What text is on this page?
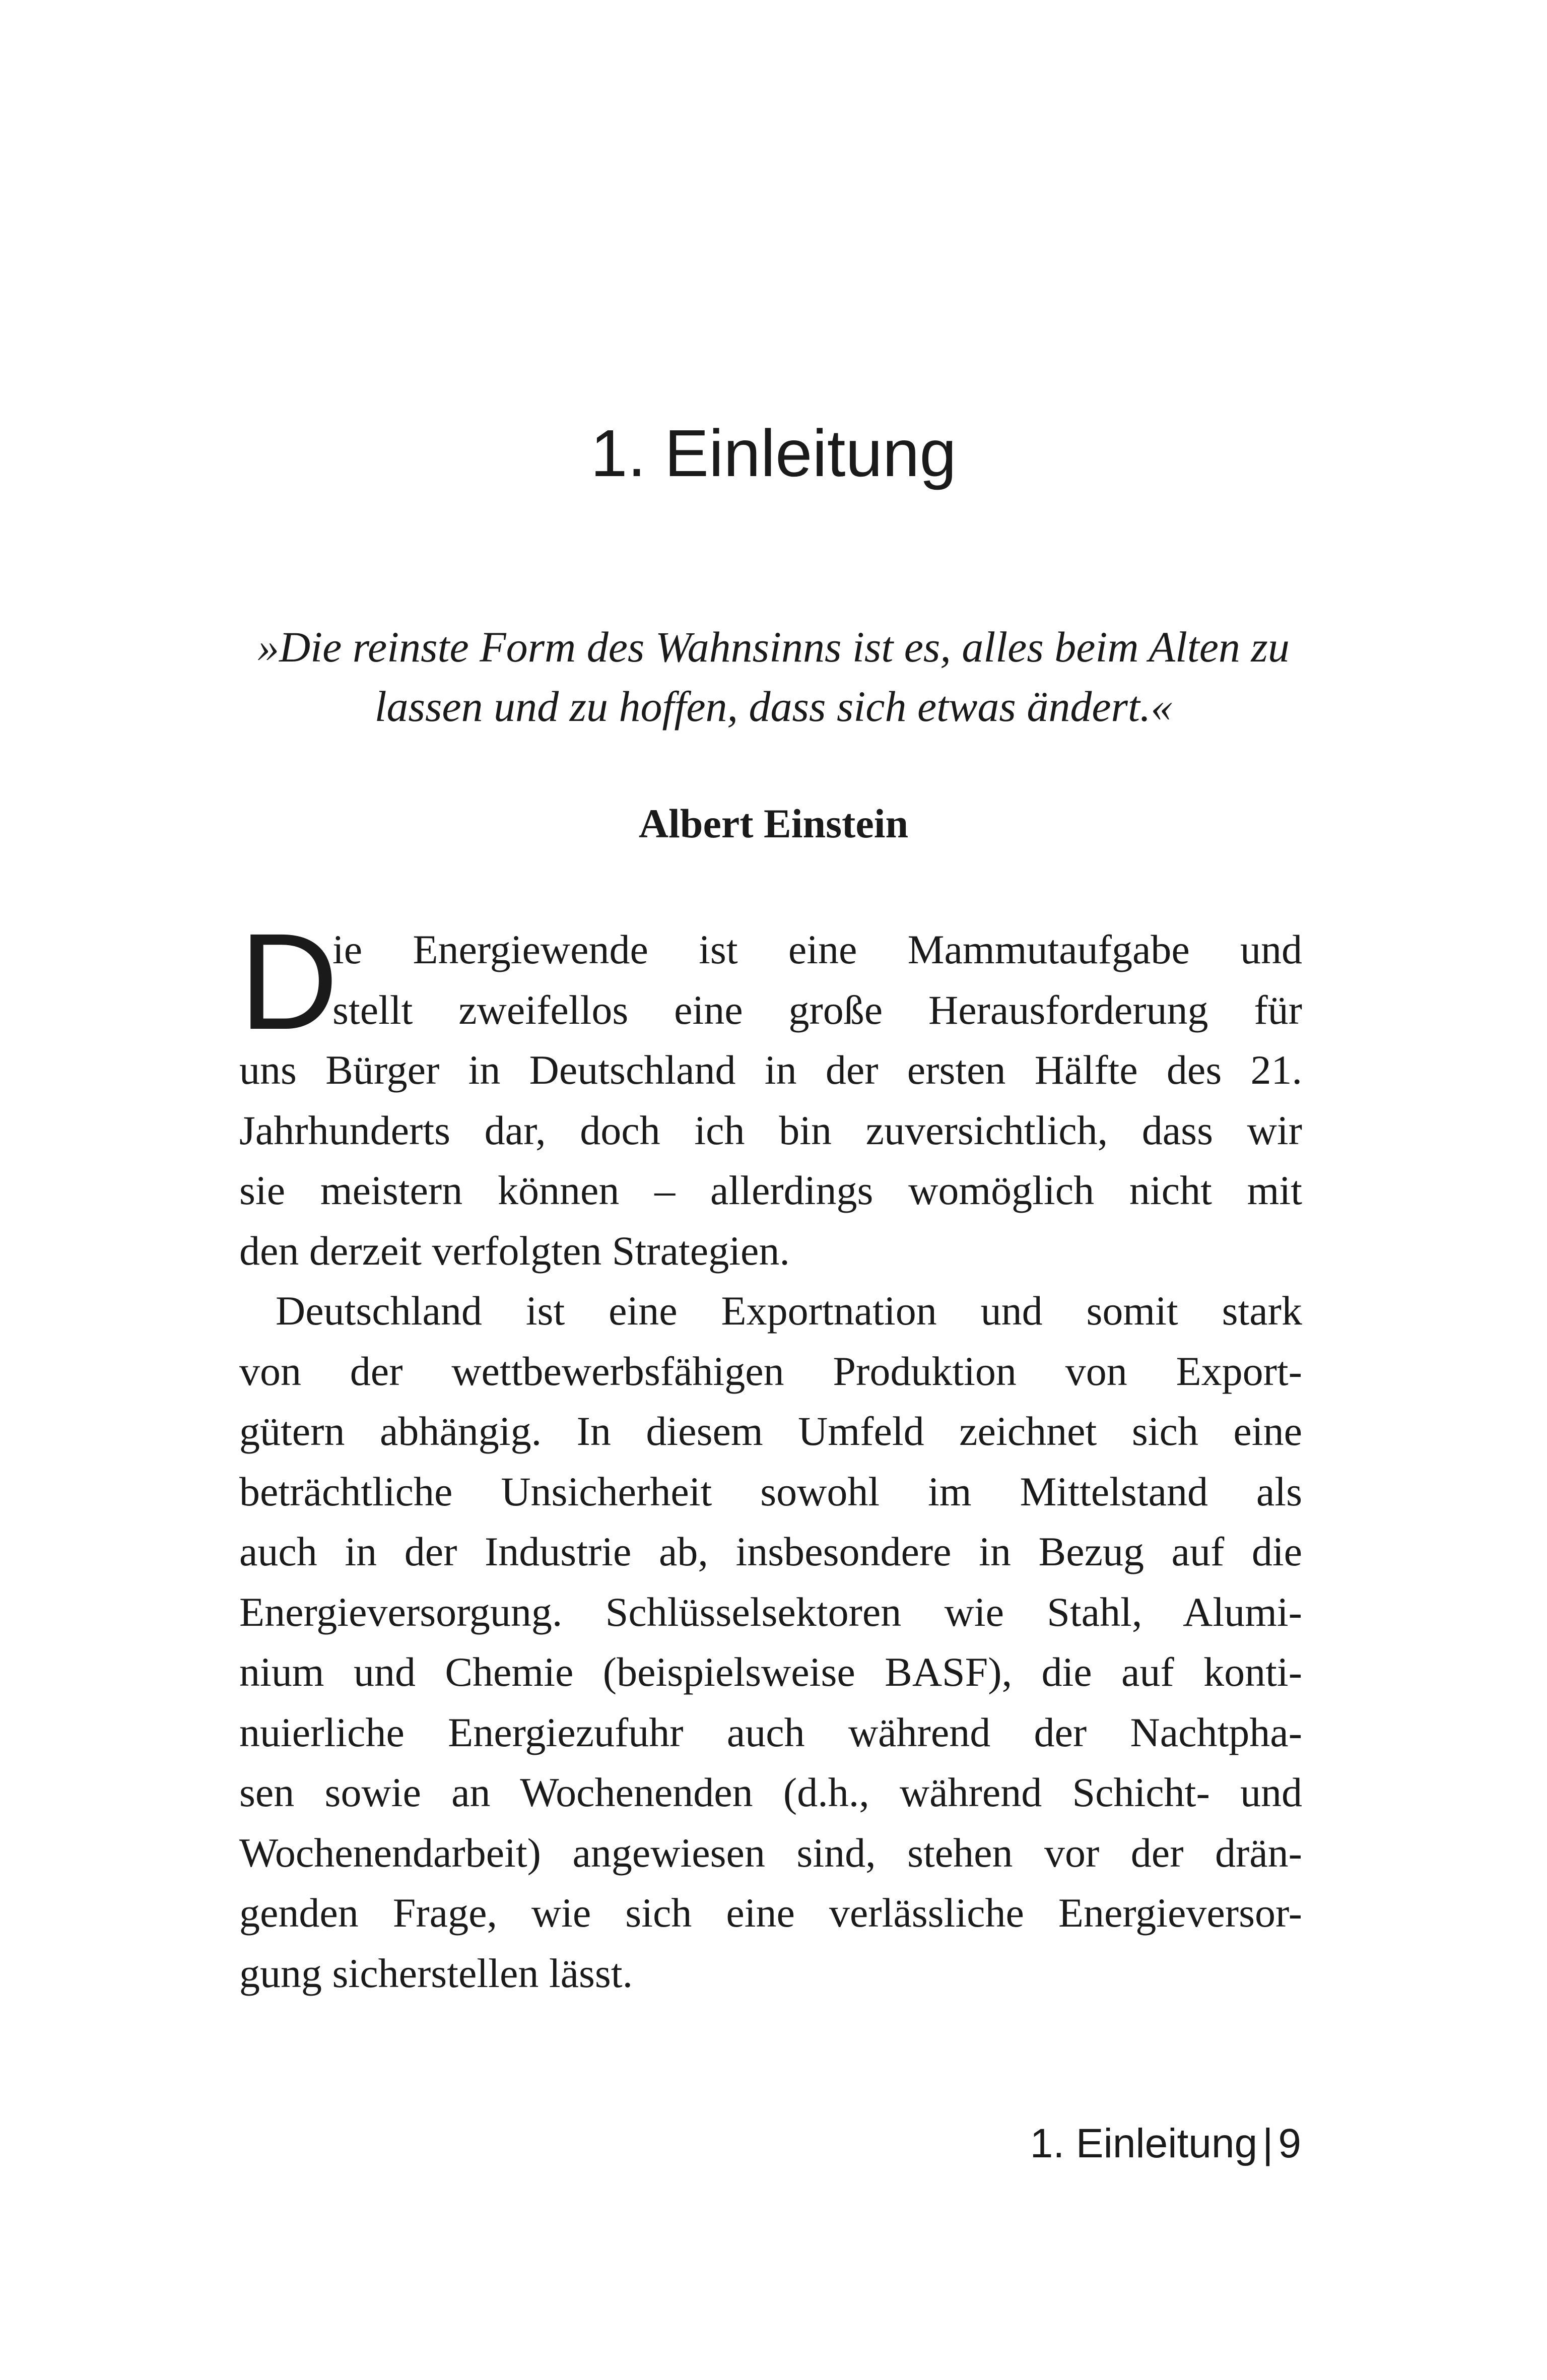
1. Einleitung

»Die reinste Form des Wahnsinns ist es, alles beim Alten zu
lassen und zu hoffen, dass sich etwas ändert.«

Albert Einstein

D
ie Energiewende ist eine Mammutaufgabe und
stellt zweifellos eine große Herausforderung für
uns Bürger in Deutschland in der ersten Hälfte des 21.
Jahrhunderts dar, doch ich bin zuversichtlich, dass wir
sie meistern können – allerdings womöglich nicht mit
den derzeit verfolgten Strategien.
Deutschland ist eine Exportnation und somit stark
von der wettbewerbsfähigen Produktion von Export-
gütern abhängig. In diesem Umfeld zeichnet sich eine
beträchtliche Unsicherheit sowohl im Mittelstand als
auch in der Industrie ab, insbesondere in Bezug auf die
Energieversorgung. Schlüsselsektoren wie Stahl, Alumi-
nium und Chemie (beispielsweise BASF), die auf konti-
nuierliche Energiezufuhr auch während der Nachtpha-
sen sowie an Wochenenden (d.h., während Schicht- und
Wochenendarbeit) angewiesen sind, stehen vor der drän-
genden Frage, wie sich eine verlässliche Energieversor-
gung sicherstellen lässt.

1. Einleitung | 9
